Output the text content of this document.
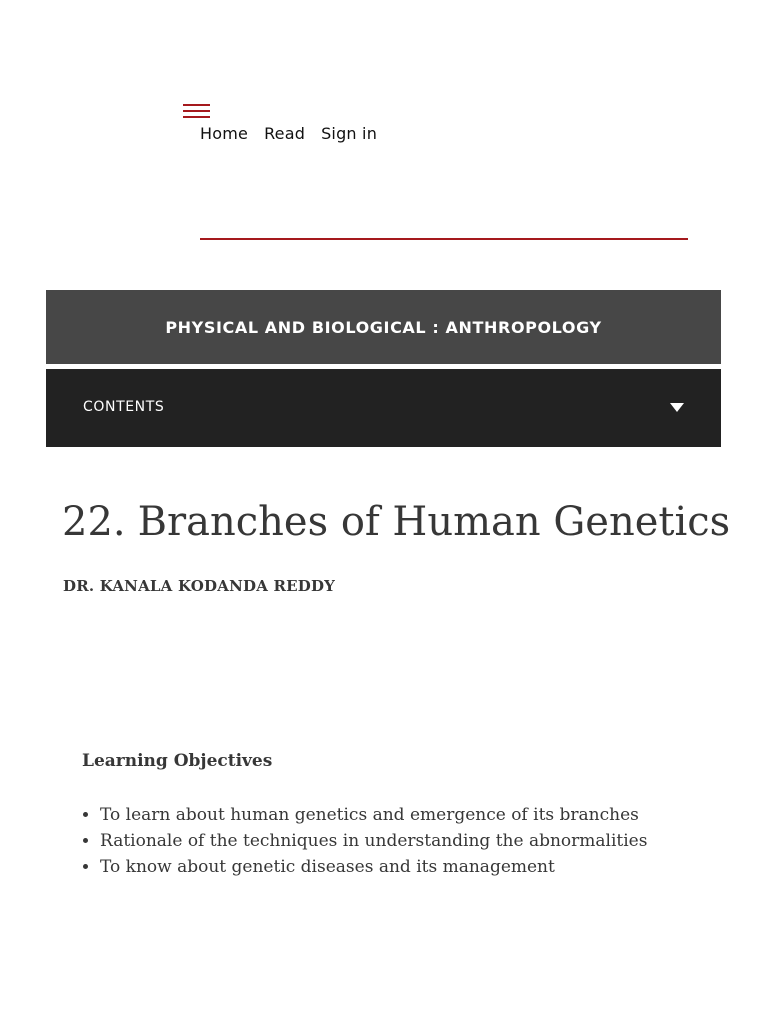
Home Read Sign in
PHYSICAL AND BIOLOGICAL : ANTHROPOLOGY
CONTENTS
22. Branches of Human Genetics
DR. KANALA KODANDA REDDY
Learning Objectives
• To learn about human genetics and emergence of its branches
• Rationale of the techniques in understanding the abnormalities
• To know about genetic diseases and its management
